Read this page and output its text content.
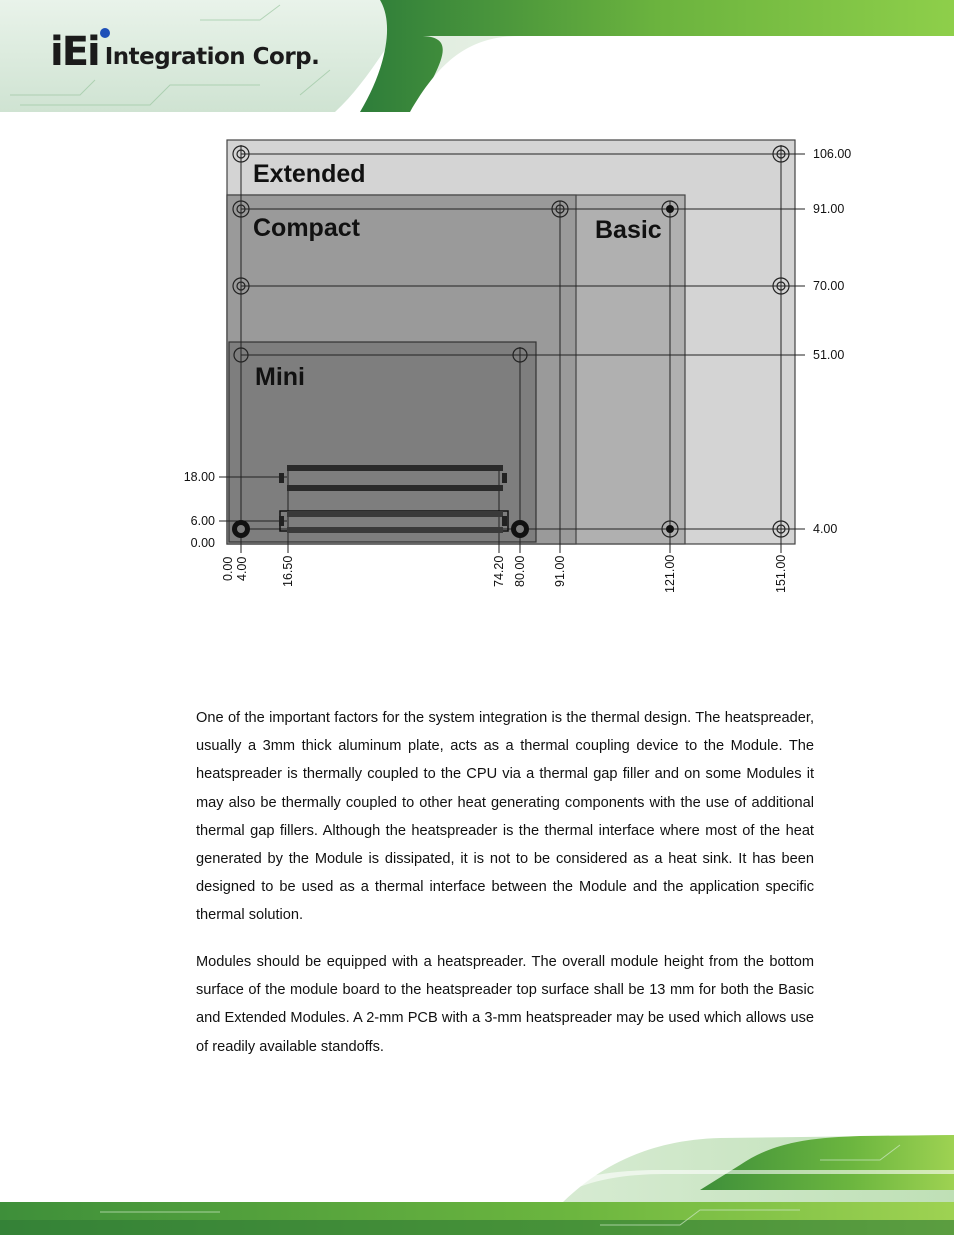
iEi Integration Corp.
Extended
Compact	Basic
Mini
106.00
91.00
70.00
51.00
4.00
18.00
6.00
0.00
0.00 4.00	16.50	74.20 80.00 91.00	121.00	151.00

One of the important factors for the system integration is the thermal design. The heatspreader, usually a 3mm thick aluminum plate, acts as a thermal coupling device to the Module. The heatspreader is thermally coupled to the CPU via a thermal gap filler and on some Modules it may also be thermally coupled to other heat generating components with the use of additional thermal gap fillers. Although the heatspreader is the thermal interface where most of the heat generated by the Module is dissipated, it is not to be considered as a heat sink. It has been designed to be used as a thermal interface between the Module and the application specific thermal solution.

Modules should be equipped with a heatspreader. The overall module height from the bottom surface of the module board to the heatspreader top surface shall be 13 mm for both the Basic and Extended Modules. A 2-mm PCB with a 3-mm heatspreader may be used which allows use of readily available standoffs.
